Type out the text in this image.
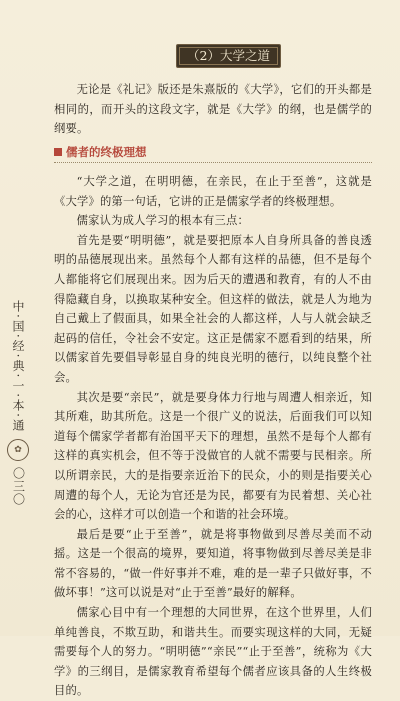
中·国·经·典·一·本·通
✿
〇三〇
（2）大学之道

无论是《礼记》版还是朱熹版的《大学》，它们的开头都是相同的，而开头的这段文字，就是《大学》的纲，也是儒学的纲要。

儒者的终极理想

“大学之道，在明明德，在亲民，在止于至善”，这就是《大学》的第一句话，它讲的正是儒家学者的终极理想。

儒家认为成人学习的根本有三点：

首先是要“明明德”，就是要把原本人自身所具备的善良透明的品德展现出来。虽然每个人都有这样的品德，但不是每个人都能将它们展现出来。因为后天的遭遇和教育，有的人不由得隐藏自身，以换取某种安全。但这样的做法，就是人为地为自己戴上了假面具，如果全社会的人都这样，人与人就会缺乏起码的信任，令社会不安定。这正是儒家不愿看到的结果，所以儒家首先要倡导彰显自身的纯良光明的德行，以纯良整个社会。

其次是要“亲民”，就是要身体力行地与周遭人相亲近，知其所难，助其所危。这是一个很广义的说法，后面我们可以知道每个儒家学者都有治国平天下的理想，虽然不是每个人都有这样的真实机会，但不等于没做官的人就不需要与民相亲。所以所谓亲民，大的是指要亲近治下的民众，小的则是指要关心周遭的每个人，无论为官还是为民，都要有为民着想、关心社会的心，这样才可以创造一个和谐的社会环境。

最后是要“止于至善”，就是将事物做到尽善尽美而不动摇。这是一个很高的境界，要知道，将事物做到尽善尽美是非常不容易的，“做一件好事并不难，难的是一辈子只做好事，不做坏事！”这可以说是对“止于至善”最好的解释。

儒家心目中有一个理想的大同世界，在这个世界里，人们单纯善良，不欺互助，和谐共生。而要实现这样的大同，无疑需要每个人的努力。“明明德”“亲民”“止于至善”，统称为《大学》的三纲目，是儒家教育希望每个儒者应该具备的人生终极目的。
